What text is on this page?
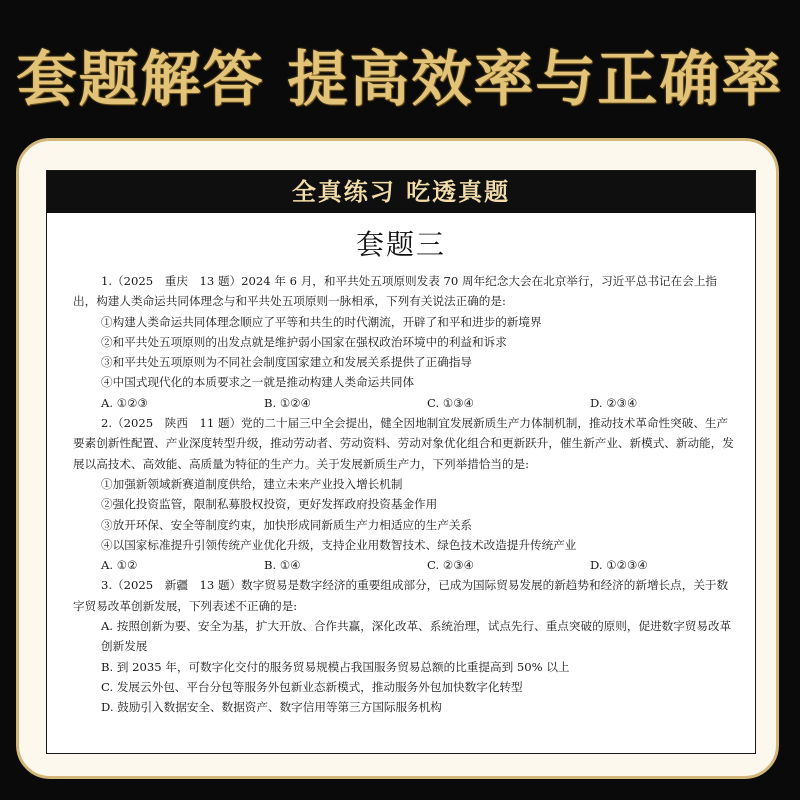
套题解答 提高效率与正确率
全真练习 吃透真题
套题三
1.（2025　重庆　13 题）2024 年 6 月，和平共处五项原则发表 70 周年纪念大会在北京举行，习近平总书记在会上指出，构建人类命运共同体理念与和平共处五项原则一脉相承，下列有关说法正确的是:
①构建人类命运共同体理念顺应了平等和共生的时代潮流，开辟了和平和进步的新境界
②和平共处五项原则的出发点就是维护弱小国家在强权政治环境中的利益和诉求
③和平共处五项原则为不同社会制度国家建立和发展关系提供了正确指导
④中国式现代化的本质要求之一就是推动构建人类命运共同体
A. ①②③	B. ①②④	C. ①③④	D. ②③④
2.（2025　陕西　11 题）党的二十届三中全会提出，健全因地制宜发展新质生产力体制机制，推动技术革命性突破、生产要素创新性配置、产业深度转型升级，推动劳动者、劳动资料、劳动对象优化组合和更新跃升，催生新产业、新模式、新动能，发展以高技术、高效能、高质量为特征的生产力。关于发展新质生产力，下列举措恰当的是:
①加强新领域新赛道制度供给，建立未来产业投入增长机制
②强化投资监管，限制私募股权投资，更好发挥政府投资基金作用
③放开环保、安全等制度约束，加快形成同新质生产力相适应的生产关系
④以国家标准提升引领传统产业优化升级，支持企业用数智技术、绿色技术改造提升传统产业
A. ①②	B. ①④	C. ②③④	D. ①②③④
3.（2025　新疆　13 题）数字贸易是数字经济的重要组成部分，已成为国际贸易发展的新趋势和经济的新增长点，关于数字贸易改革创新发展，下列表述不正确的是:
A. 按照创新为要、安全为基，扩大开放、合作共赢，深化改革、系统治理，试点先行、重点突破的原则，促进数字贸易改革创新发展
B. 到 2035 年，可数字化交付的服务贸易规模占我国服务贸易总额的比重提高到 50% 以上
C. 发展云外包、平台分包等服务外包新业态新模式，推动服务外包加快数字化转型
D. 鼓励引入数据安全、数据资产、数字信用等第三方国际服务机构
